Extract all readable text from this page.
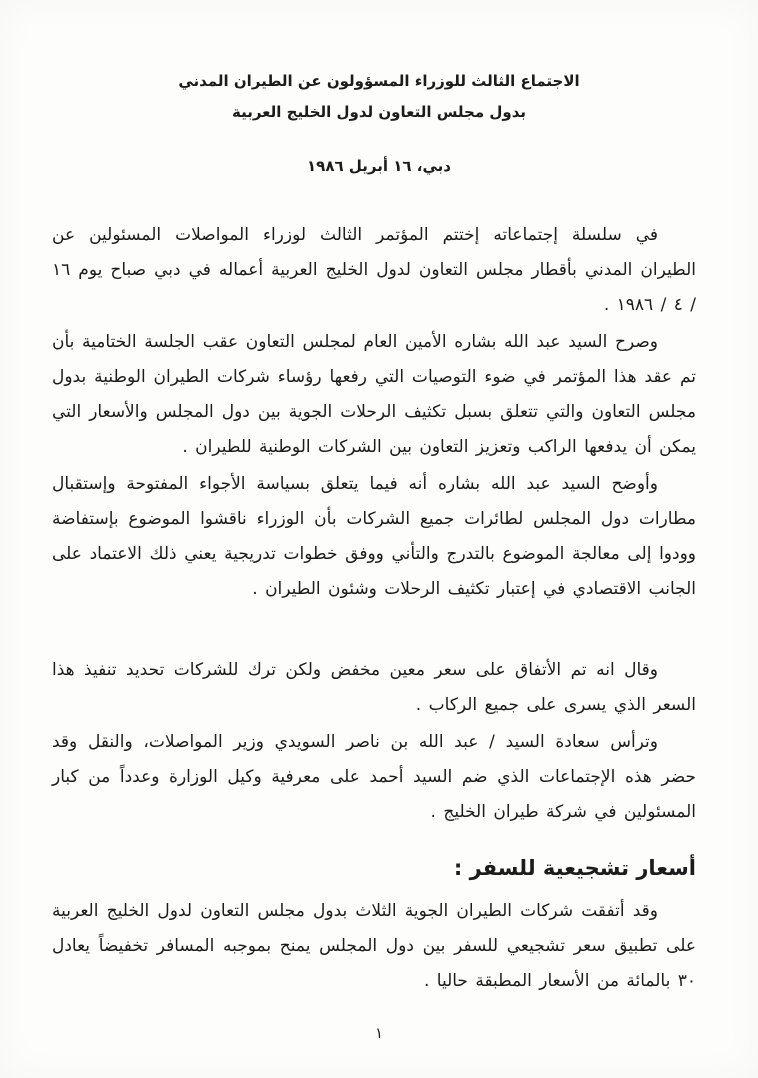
الاجتماع الثالث للوزراء المسؤولون عن الطيران المدني
بدول مجلس التعاون لدول الخليج العربية
دبي، ١٦ أبريل ١٩٨٦

في سلسلة إجتماعاته إختتم المؤتمر الثالث لوزراء المواصلات المسئولين عن الطيران المدني بأقطار مجلس التعاون لدول الخليج العربية أعماله في دبي صباح يوم ١٦ / ٤ / ١٩٨٦ .

وصرح السيد عبد الله بشاره الأمين العام لمجلس التعاون عقب الجلسة الختامية بأن تم عقد هذا المؤتمر في ضوء التوصيات التي رفعها رؤساء شركات الطيران الوطنية بدول مجلس التعاون والتي تتعلق بسبل تكثيف الرحلات الجوية بين دول المجلس والأسعار التي يمكن أن يدفعها الراكب وتعزيز التعاون بين الشركات الوطنية للطيران .

وأوضح السيد عبد الله بشاره أنه فيما يتعلق بسياسة الأجواء المفتوحة وإستقبال مطارات دول المجلس لطائرات جميع الشركات بأن الوزراء ناقشوا الموضوع بإستفاضة وودوا إلى معالجة الموضوع بالتدرج والتأني ووفق خطوات تدريجية يعني ذلك الاعتماد على الجانب الاقتصادي في إعتبار تكثيف الرحلات وشئون الطيران .

وقال انه تم الأتفاق على سعر معين مخفض ولكن ترك للشركات تحديد تنفيذ هذا السعر الذي يسرى على جميع الركاب .

وترأس سعادة السيد / عبد الله بن ناصر السويدي وزير المواصلات، والنقل وقد حضر هذه الإجتماعات الذي ضم السيد أحمد على معرفية وكيل الوزارة وعدداً من كبار المسئولين في شركة طيران الخليج .

أسعار تشجيعية للسفر :

وقد أتفقت شركات الطيران الجوية الثلاث بدول مجلس التعاون لدول الخليج العربية على تطبيق سعر تشجيعي للسفر بين دول المجلس يمنح بموجبه المسافر تخفيضاً يعادل ٣٠ بالمائة من الأسعار المطبقة حاليا .

١
